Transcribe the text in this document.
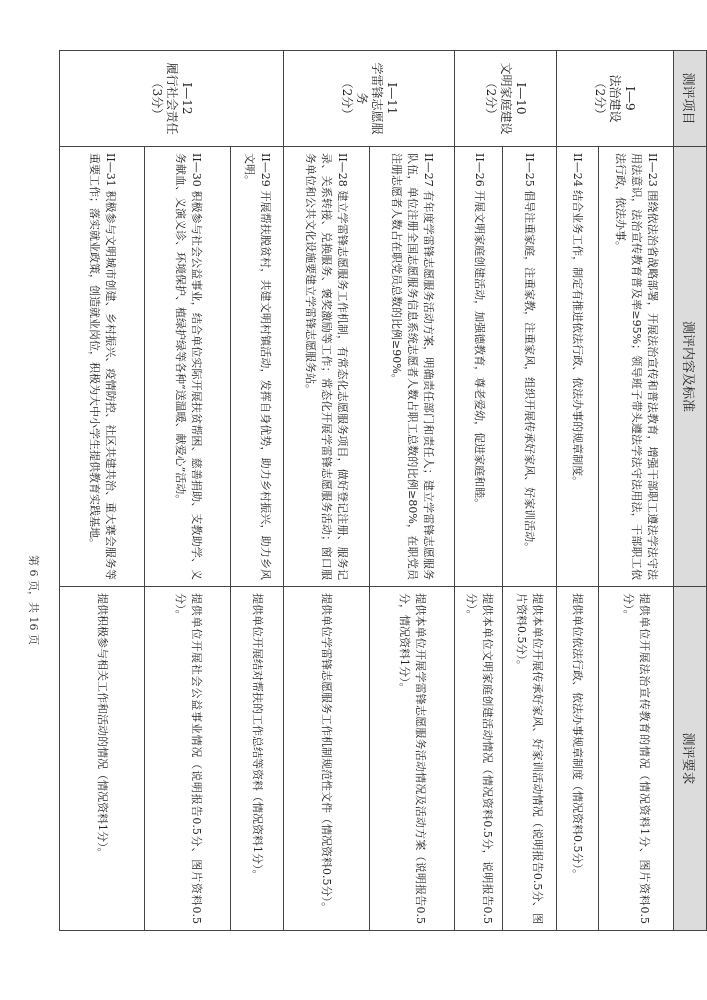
测评项目	测评内容及标准	测评要求

I—9
法治建设
（2分）	II—23 围绕依法治省战略部署，开展法治宣传和普法教育，增强干部职工遵法学法守法用法意识，法治宣传教育普及率≥95%；领导班子带头遵法学法守法用法，干部职工依法行政，依法办事。	提供单位开展法治宣传教育的情况（情况资料1分、图片资料0.5分）。
	II—24 结合业务工作，制定有推进依法行政、依法办事的规章制度。	提供单位依法行政、依法办事规章制度（情况资料0.5分）。

I—10
文明家庭建设
（2分）	II—25 倡导注重家庭，注重家教，注重家风，组织开展传承好家风、好家训活动。	提供本单位开展传承好家风、好家训活动情况（说明报告0.5分、图片资料0.5分）。
	II—26 开展文明家庭创建活动，加强德教育，尊老爱幼，促进家庭和睦。	提供本单位文明家庭创建活动情况（情况资料0.5分，说明报告0.5分）。

I—11
学雷锋志愿服务
（2分）	II—27 有年度学雷锋志愿服务活动方案，明确责任部门和责任人；建立学雷锋志愿服务队伍，单位注册全国志愿服务信息系统志愿者人数占职工总数的比例≥80%，在职党员注册志愿者人数占在职党员总数的比例≥90%。	提供本单位开展学雷锋志愿服务活动情况及活动方案（说明报告0.5分，情况资料1分）。
	II—28 建立学雷锋志愿服务工作机制，有常态化志愿服务项目，做好登记注册、服务记录、关系转接、兑换服务、褒奖激励等工作；常态化开展学雷锋志愿服务活动；窗口服务单位和公共文化设施要建立学雷锋志愿服务站。	提供单位学雷锋志愿服务工作机制规范性文件（情况资料0.5分）。

I—12
履行社会责任
（3分）	II—29 开展帮扶脱贫村，共建文明村镇活动，发挥自身优势，助力乡村振兴，助力乡风文明。	提供单位开展结对帮扶的工作总结等资料（情况资料1分）。
	II—30 积极参与社会公益事业，结合单位实际开展扶贫帮困、慈善捐助、支教助学、义务献血、义演义诊、环境保护、植绿护绿等各种“送温暖、献爱心”活动。	提供单位开展社会公益事业情况（说明报告0.5分、图片资料0.5分）。
	II—31 积极参与文明城市创建、乡村振兴、疫情防控、社区共建共治、重大赛会服务等重要工作；落实就业政策，创造就业岗位，积极为大中小学生提供教育实践基地。	提供积极参与相关工作和活动的情况（情况资料1分）。
第 6 页，共 16 页
